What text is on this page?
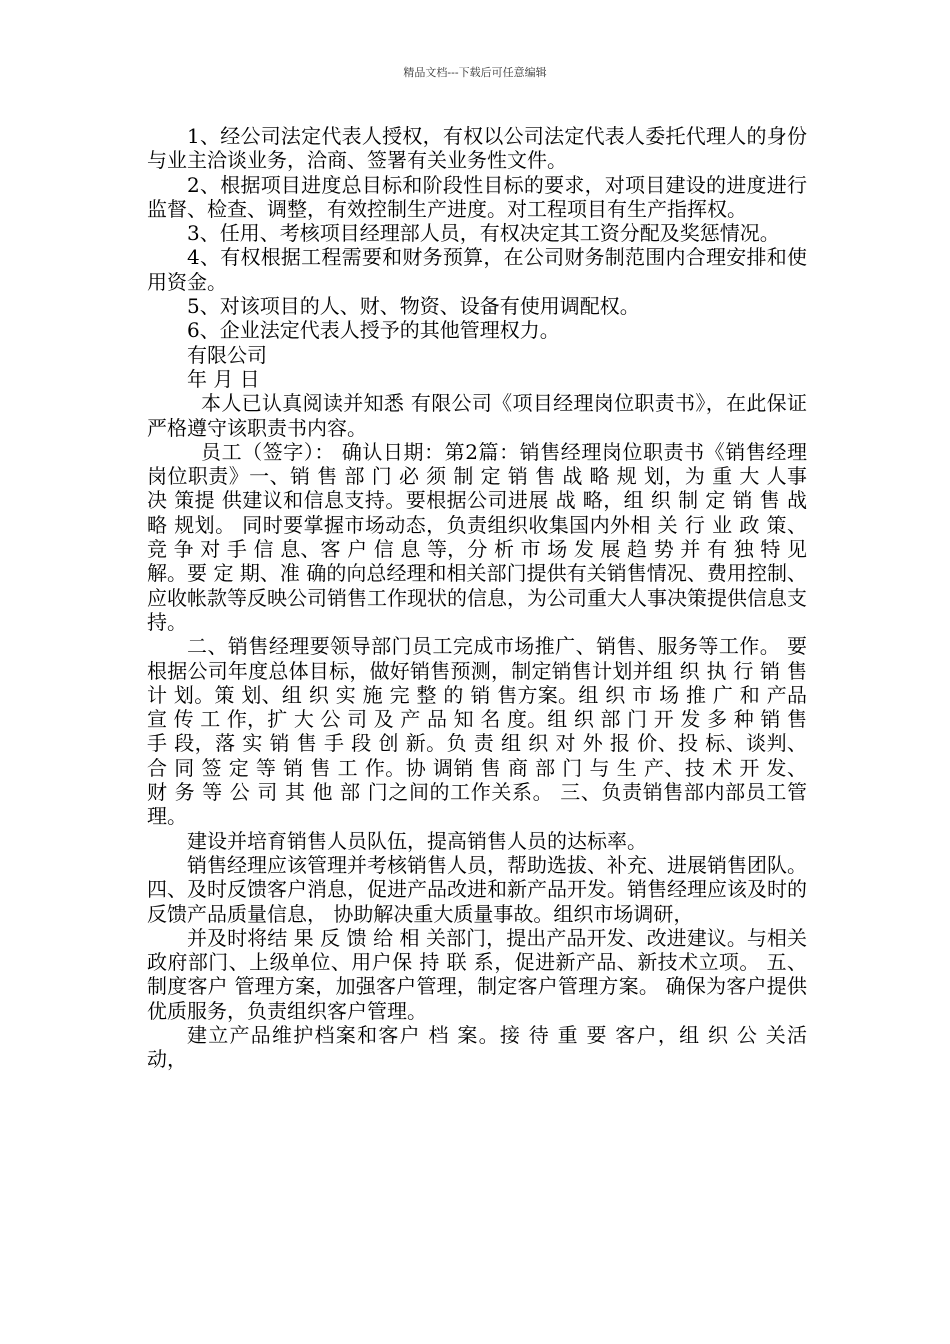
精品文档---下载后可任意编辑

1、经公司法定代表人授权，有权以公司法定代表人委托代理人的身份与业主洽谈业务，洽商、签署有关业务性文件。

2、根据项目进度总目标和阶段性目标的要求，对项目建设的进度进行监督、检查、调整，有效控制生产进度。对工程项目有生产指挥权。

3、任用、考核项目经理部人员，有权决定其工资分配及奖惩情况。

4、有权根据工程需要和财务预算，在公司财务制范围内合理安排和使用资金。

5、对该项目的人、财、物资、设备有使用调配权。

6、企业法定代表人授予的其他管理权力。

有限公司

年 月 日

本人已认真阅读并知悉 有限公司《项目经理岗位职责书》，在此保证严格遵守该职责书内容。

员工（签字）： 确认日期：第2篇：销售经理岗位职责书《销售经理岗位职责》一、销 售 部 门 必 须 制 定 销 售 战 略 规 划，为 重 大 人事 决 策提 供建议和信息支持。要根据公司进展 战 略，组 织 制 定 销 售 战 略 规划。 同时要掌握市场动态，负责组织收集国内外相 关 行 业 政 策、竞 争 对 手 信 息、客 户 信 息 等，分 析 市 场 发 展 趋 势 并 有 独 特 见 解。要 定 期、准 确的向总经理和相关部门提供有关销售情况、费用控制、应收帐款等反映公司销售工作现状的信息，为公司重大人事决策提供信息支持。

二、销售经理要领导部门员工完成市场推广、销售、服务等工作。 要根据公司年度总体目标，做好销售预测，制定销售计划并组 织 执 行 销 售 计 划。策 划、组 织 实 施 完 整 的 销 售方案。组 织 市 场 推 广 和 产品 宣 传 工 作，扩 大 公 司 及 产 品 知 名 度。组 织 部 门 开 发 多 种 销 售 手 段，落 实 销 售 手 段 创 新。负 责 组 织 对 外 报 价、投 标、谈判、合 同 签 定 等 销 售 工 作。协 调销 售 商 部 门 与 生 产、技 术 开 发、财 务 等 公 司 其 他 部 门之间的工作关系。 三、负责销售部内部员工管理。

建设并培育销售人员队伍，提高销售人员的达标率。

销售经理应该管理并考核销售人员，帮助选拔、补充、进展销售团队。 四、及时反馈客户消息，促进产品改进和新产品开发。销售经理应该及时的反馈产品质量信息， 协助解决重大质量事故。组织市场调研，

并及时将结 果 反 馈 给 相 关部门，提出产品开发、改进建议。与相关政府部门、上级单位、用户保 持 联 系，促进新产品、新技术立项。 五、制度客户 管理方案，加强客户管理，制定客户管理方案。 确保为客户提供优质服务，负责组织客户管理。

建立产品维护档案和客户 档 案。接 待 重 要 客户，组 织 公 关活 动，
